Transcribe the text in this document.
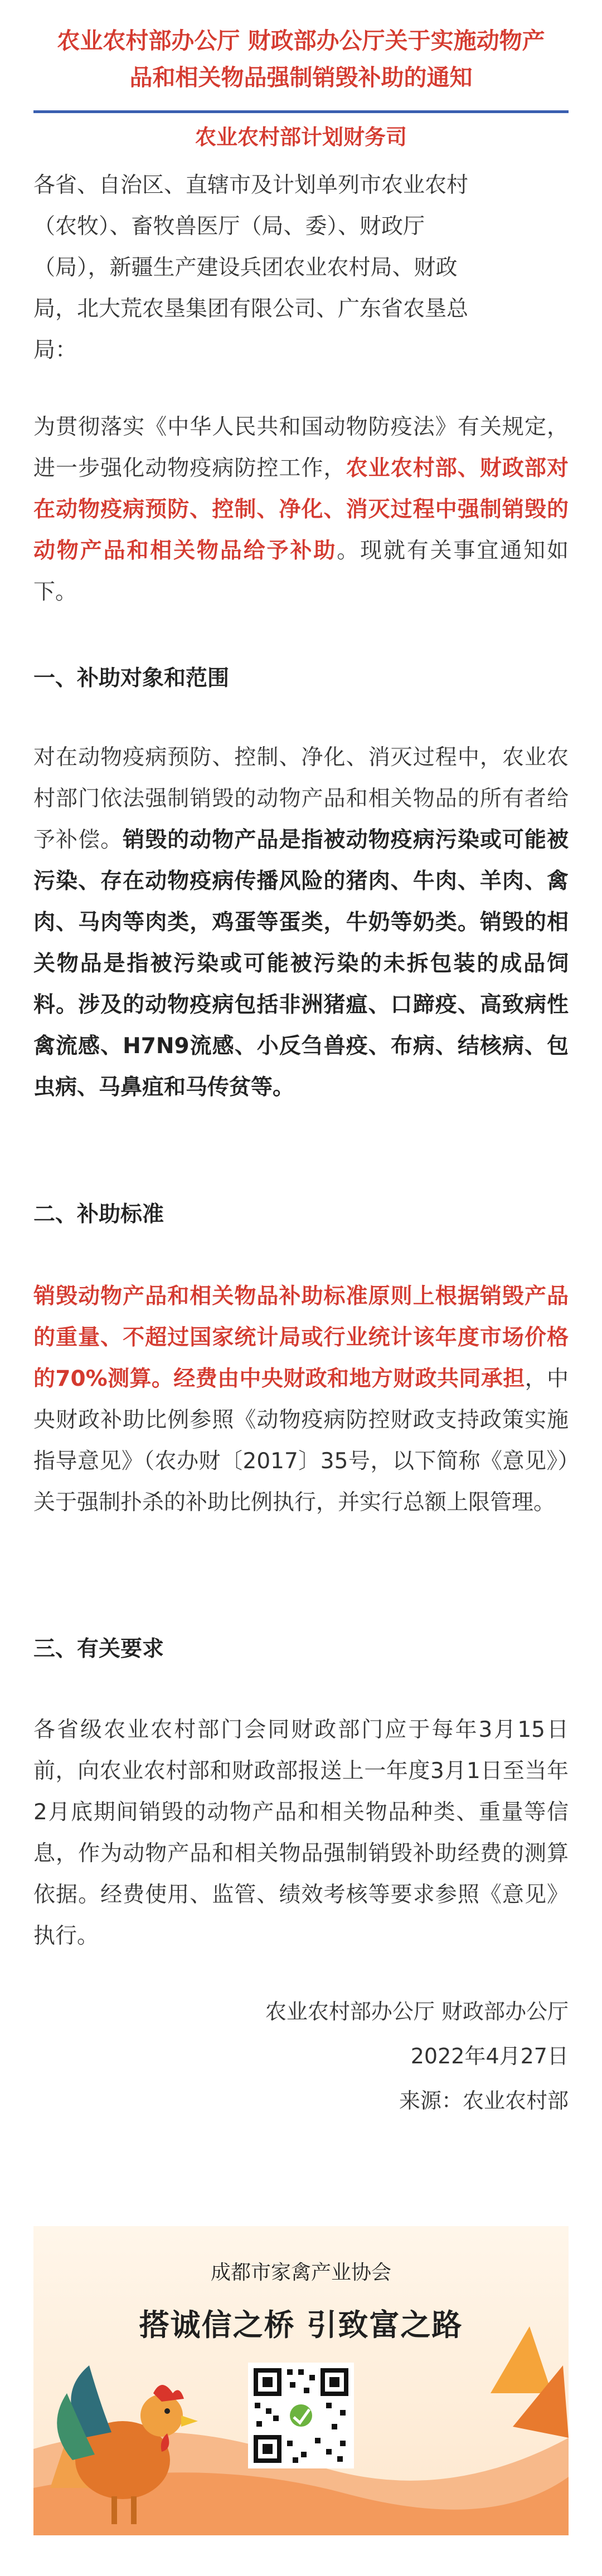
农业农村部办公厅 财政部办公厅关于实施动物产
品和相关物品强制销毁补助的通知
农业农村部计划财务司
各省、自治区、直辖市及计划单列市农业农村
（农牧）、畜牧兽医厅（局、委）、财政厅
（局），新疆生产建设兵团农业农村局、财政
局，北大荒农垦集团有限公司、广东省农垦总
局：

为贯彻落实《中华人民共和国动物防疫法》有关规定，进一步强化动物疫病防控工作，农业农村部、财政部对在动物疫病预防、控制、净化、消灭过程中强制销毁的动物产品和相关物品给予补助。现就有关事宜通知如下。

一、补助对象和范围

对在动物疫病预防、控制、净化、消灭过程中，农业农村部门依法强制销毁的动物产品和相关物品的所有者给予补偿。销毁的动物产品是指被动物疫病污染或可能被污染、存在动物疫病传播风险的猪肉、牛肉、羊肉、禽肉、马肉等肉类，鸡蛋等蛋类，牛奶等奶类。销毁的相关物品是指被污染或可能被污染的未拆包装的成品饲料。涉及的动物疫病包括非洲猪瘟、口蹄疫、高致病性禽流感、H7N9流感、小反刍兽疫、布病、结核病、包虫病、马鼻疽和马传贫等。

二、补助标准

销毁动物产品和相关物品补助标准原则上根据销毁产品的重量、不超过国家统计局或行业统计该年度市场价格的70%测算。经费由中央财政和地方财政共同承担，中央财政补助比例参照《动物疫病防控财政支持政策实施指导意见》（农办财〔2017〕35号，以下简称《意见》）关于强制扑杀的补助比例执行，并实行总额上限管理。

三、有关要求

各省级农业农村部门会同财政部门应于每年3月15日前，向农业农村部和财政部报送上一年度3月1日至当年2月底期间销毁的动物产品和相关物品种类、重量等信息，作为动物产品和相关物品强制销毁补助经费的测算依据。经费使用、监管、绩效考核等要求参照《意见》执行。

农业农村部办公厅 财政部办公厅
2022年4月27日
来源：农业农村部
成都市家禽产业协会
搭诚信之桥 引致富之路
